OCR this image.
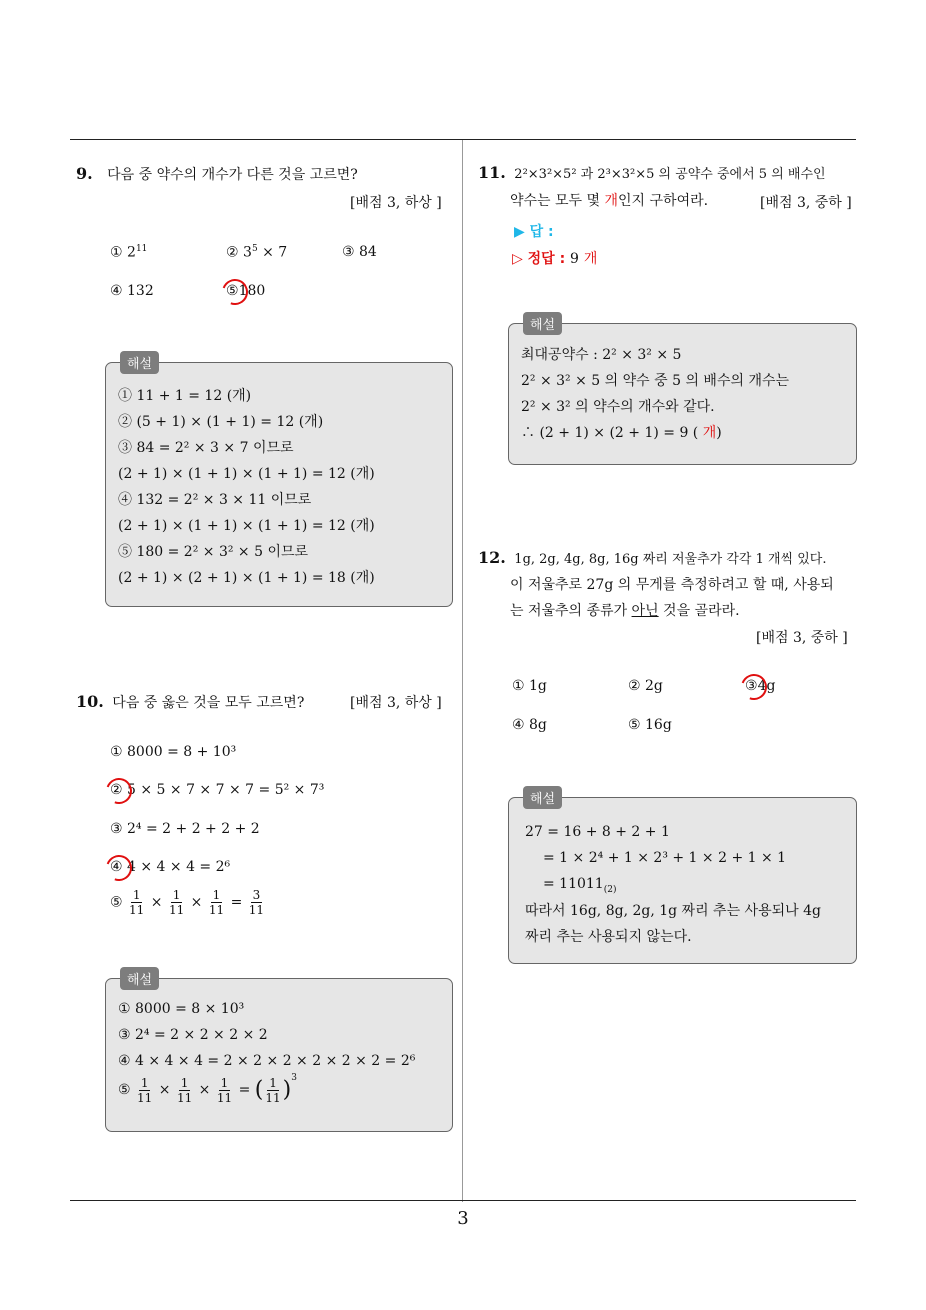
3
9. 다음 중 약수의 개수가 다른 것을 고르면?
[배점 3, 하상 ]
① $2^{11}$	② $3^5 \times 7$	③ 84
④ 132	⑤180
해설
① 11 + 1 = 12 (개)
② (5 + 1) × (1 + 1) = 12 (개)
③ 84 = 2² × 3 × 7 이므로
(2 + 1) × (1 + 1) × (1 + 1) = 12 (개)
④ 132 = 2² × 3 × 11 이므로
(2 + 1) × (1 + 1) × (1 + 1) = 12 (개)
⑤ 180 = 2² × 3² × 5 이므로
(2 + 1) × (2 + 1) × (1 + 1) = 18 (개)
10. 다음 중 옳은 것을 모두 고르면?	[배점 3, 하상 ]
① 8000 = 8 + 10³
② 5 × 5 × 7 × 7 × 7 = 5² × 7³
③ 2⁴ = 2 + 2 + 2 + 2
④ 4 × 4 × 4 = 2⁶
⑤ $\frac{1}{11} \times \frac{1}{11} \times \frac{1}{11} = \frac{3}{11}$
해설
① 8000 = 8 × 10³
③ 2⁴ = 2 × 2 × 2 × 2
④ 4 × 4 × 4 = 2 × 2 × 2 × 2 × 2 × 2 = 2⁶
⑤ $\frac{1}{11} \times \frac{1}{11} \times \frac{1}{11}$ = ( $\frac{1}{11} )^3$
11. 2²×3²×5² 과 2³×3²×5 의 공약수 중에서 5 의 배수인
약수는 모두 몇 개인지 구하여라.	[배점 3, 중하 ]
▶ 답 :
▷ 정답 : 9 개
해설
최대공약수 : 2² × 3² × 5
2² × 3² × 5 의 약수 중 5 의 배수의 개수는
2² × 3² 의 약수의 개수와 같다.
∴ (2 + 1) × (2 + 1) = 9 ( 개)
12. 1g, 2g, 4g, 8g, 16g 짜리 저울추가 각각 1 개씩 있다.
이 저울추로 27g 의 무게를 측정하려고 할 때, 사용되
는 저울추의 종류가 아닌 것을 골라라.
[배점 3, 중하 ]
① 1g	② 2g	③4g
④ 8g	⑤ 16g
해설
27 = 16 + 8 + 2 + 1
= 1 × 2⁴ + 1 × 2³ + 1 × 2 + 1 × 1
= $11011_{(2)}$
따라서 16g, 8g, 2g, 1g 짜리 추는 사용되나 4g
짜리 추는 사용되지 않는다.
